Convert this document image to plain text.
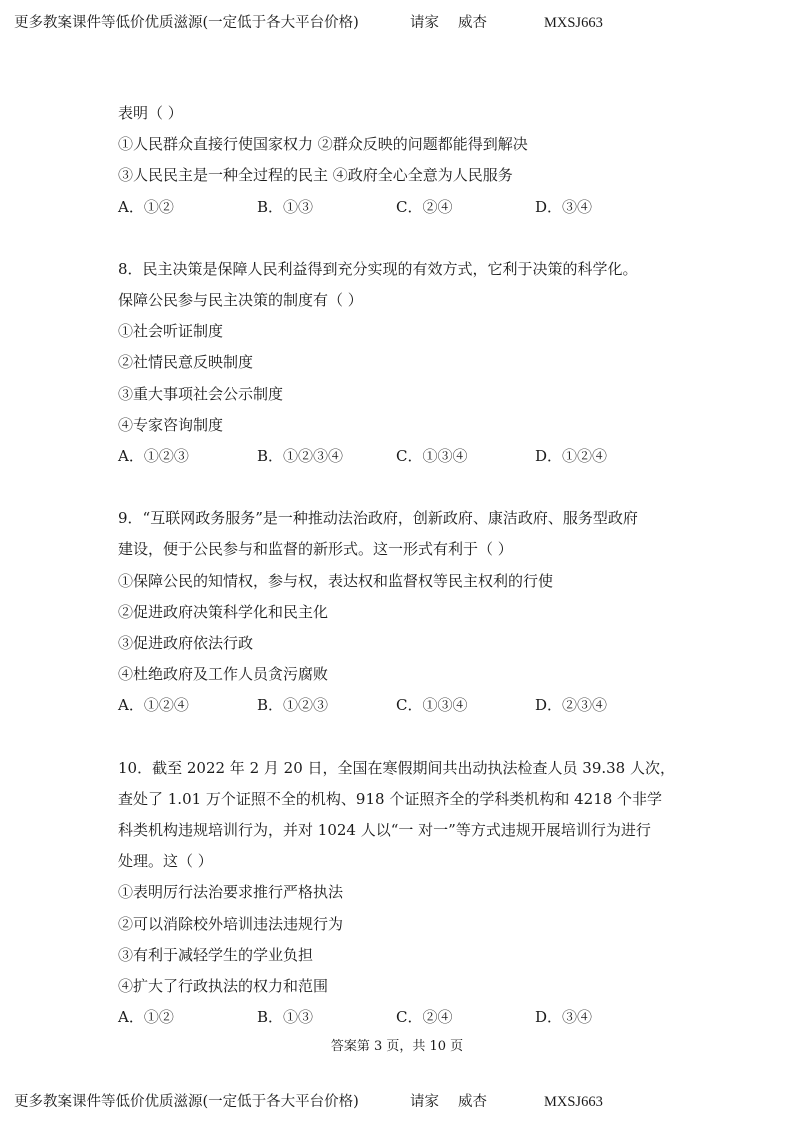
更多教案课件等低价优质滋源(一定低于各大平台价格)	请家	威杏	MXSJ663
表明（ ）
①人民群众直接行使国家权力 ②群众反映的问题都能得到解决
③人民民主是一种全过程的民主 ④政府全心全意为人民服务
A．①②	B．①③	C．②④	D．③④
8．民主决策是保障人民利益得到充分实现的有效方式，它利于决策的科学化。
保障公民参与民主决策的制度有（ ）
①社会听证制度
②社情民意反映制度
③重大事项社会公示制度
④专家咨询制度
A．①②③	B．①②③④	C．①③④	D．①②④
9．“互联网政务服务”是一种推动法治政府，创新政府、康洁政府、服务型政府
建设，便于公民参与和监督的新形式。这一形式有利于（ ）
①保障公民的知情权，参与权，表达权和监督权等民主权利的行使
②促进政府决策科学化和民主化
③促进政府依法行政
④杜绝政府及工作人员贪污腐败
A．①②④	B．①②③	C．①③④	D．②③④
10．截至 2022 年 2 月 20 日，全国在寒假期间共出动执法检查人员 39.38 人次，
查处了 1.01 万个证照不全的机构、918 个证照齐全的学科类机构和 4218 个非学
科类机构违规培训行为，并对 1024 人以“一 对一”等方式违规开展培训行为进行
处理。这（ ）
①表明厉行法治要求推行严格执法
②可以消除校外培训违法违规行为
③有利于减轻学生的学业负担
④扩大了行政执法的权力和范围
A．①②	B．①③	C．②④	D．③④
答案第 3 页，共 10 页
更多教案课件等低价优质滋源(一定低于各大平台价格)	请家	威杏	MXSJ663
